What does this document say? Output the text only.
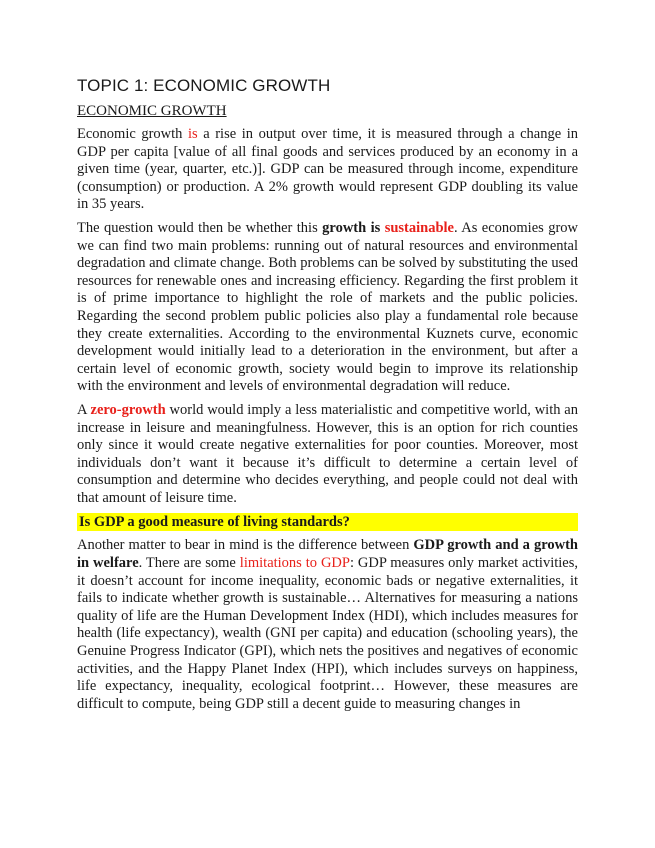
TOPIC 1: ECONOMIC GROWTH
ECONOMIC GROWTH

Economic growth is a rise in output over time, it is measured through a change in GDP per capita [value of all final goods and services produced by an economy in a given time (year, quarter, etc.)]. GDP can be measured through income, expenditure (consumption) or production. A 2% growth would represent GDP doubling its value in 35 years.

The question would then be whether this growth is sustainable. As economies grow we can find two main problems: running out of natural resources and environmental degradation and climate change. Both problems can be solved by substituting the used resources for renewable ones and increasing efficiency. Regarding the first problem it is of prime importance to highlight the role of markets and the public policies. Regarding the second problem public policies also play a fundamental role because they create externalities. According to the environmental Kuznets curve, economic development would initially lead to a deterioration in the environment, but after a certain level of economic growth, society would begin to improve its relationship with the environment and levels of environmental degradation will reduce.

A zero-growth world would imply a less materialistic and competitive world, with an increase in leisure and meaningfulness. However, this is an option for rich counties only since it would create negative externalities for poor counties. Moreover, most individuals don’t want it because it’s difficult to determine a certain level of consumption and determine who decides everything, and people could not deal with that amount of leisure time.

Is GDP a good measure of living standards?

Another matter to bear in mind is the difference between GDP growth and a growth in welfare. There are some limitations to GDP: GDP measures only market activities, it doesn’t account for income inequality, economic bads or negative externalities, it fails to indicate whether growth is sustainable… Alternatives for measuring a nations quality of life are the Human Development Index (HDI), which includes measures for health (life expectancy), wealth (GNI per capita) and education (schooling years), the Genuine Progress Indicator (GPI), which nets the positives and negatives of economic activities, and the Happy Planet Index (HPI), which includes surveys on happiness, life expectancy, inequality, ecological footprint… However, these measures are difficult to compute, being GDP still a decent guide to measuring changes in
